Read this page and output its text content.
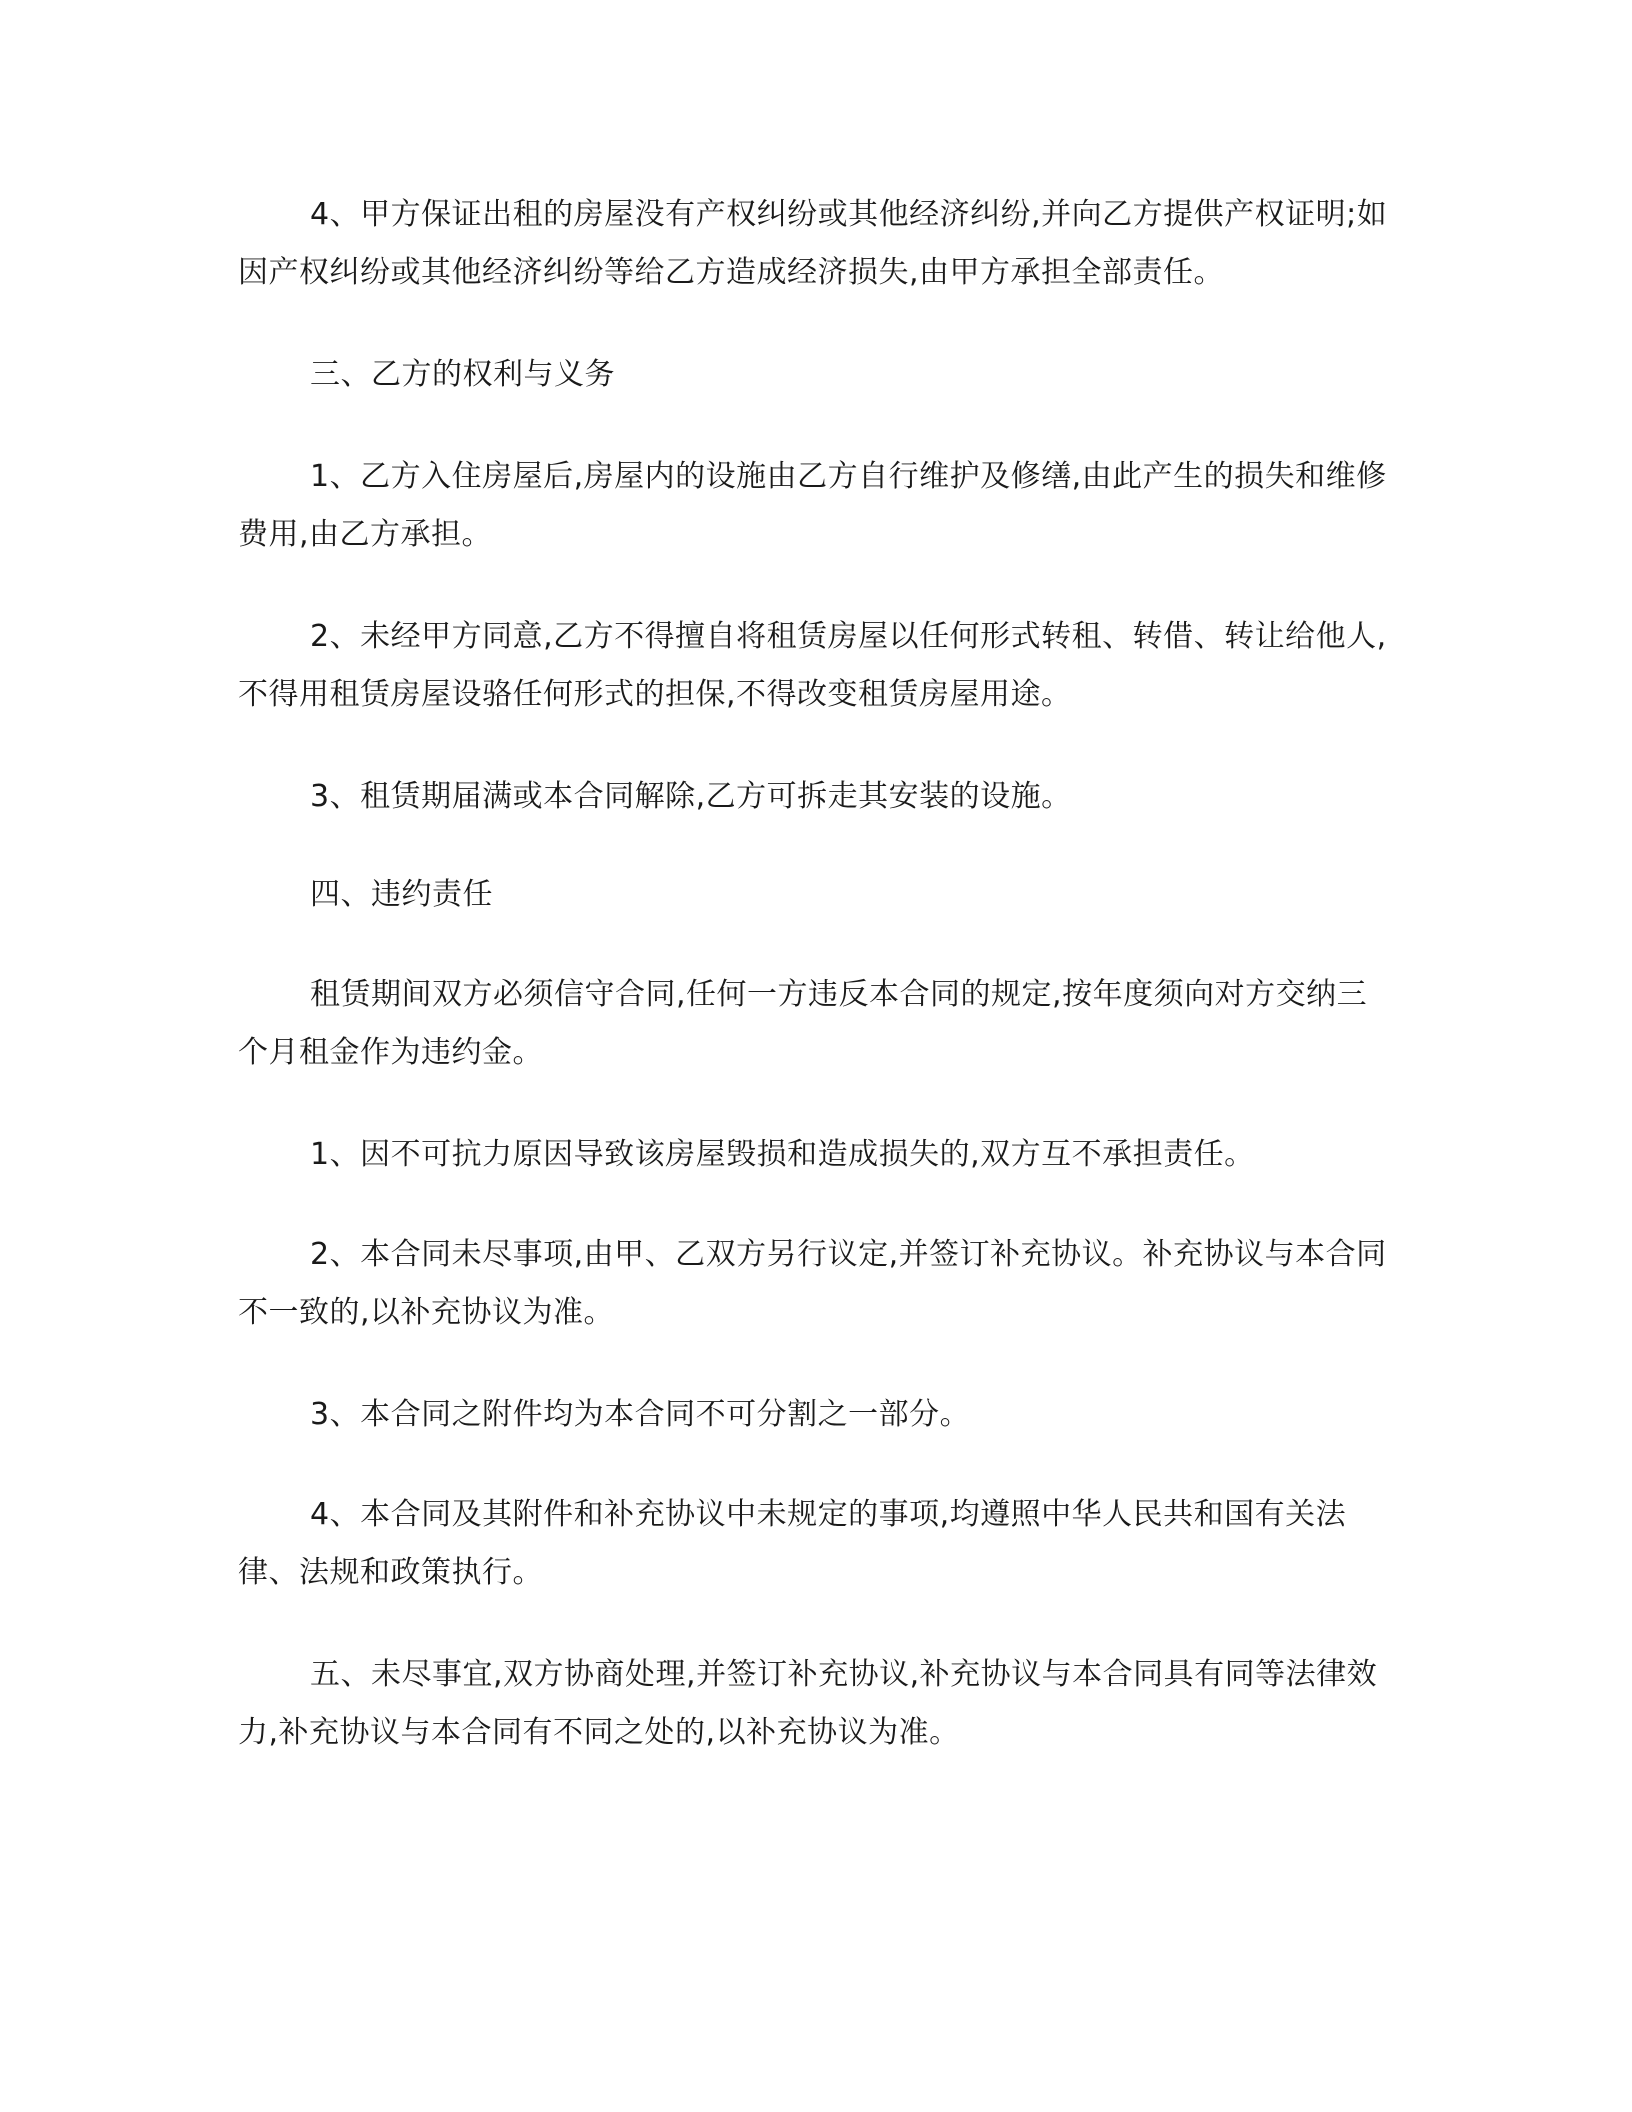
4、甲方保证出租的房屋没有产权纠纷或其他经济纠纷,并向乙方提供产权证明;如因产权纠纷或其他经济纠纷等给乙方造成经济损失,由甲方承担全部责任。

三、乙方的权利与义务

1、乙方入住房屋后,房屋内的设施由乙方自行维护及修缮,由此产生的损失和维修费用,由乙方承担。

2、未经甲方同意,乙方不得擅自将租赁房屋以任何形式转租、转借、转让给他人,不得用租赁房屋设骆任何形式的担保,不得改变租赁房屋用途。

3、租赁期届满或本合同解除,乙方可拆走其安装的设施。

四、违约责任

租赁期间双方必须信守合同,任何一方违反本合同的规定,按年度须向对方交纳三个月租金作为违约金。

1、因不可抗力原因导致该房屋毁损和造成损失的,双方互不承担责任。

2、本合同未尽事项,由甲、乙双方另行议定,并签订补充协议。补充协议与本合同不一致的,以补充协议为准。

3、本合同之附件均为本合同不可分割之一部分。

4、本合同及其附件和补充协议中未规定的事项,均遵照中华人民共和国有关法律、法规和政策执行。

五、未尽事宜,双方协商处理,并签订补充协议,补充协议与本合同具有同等法律效力,补充协议与本合同有不同之处的,以补充协议为准。
